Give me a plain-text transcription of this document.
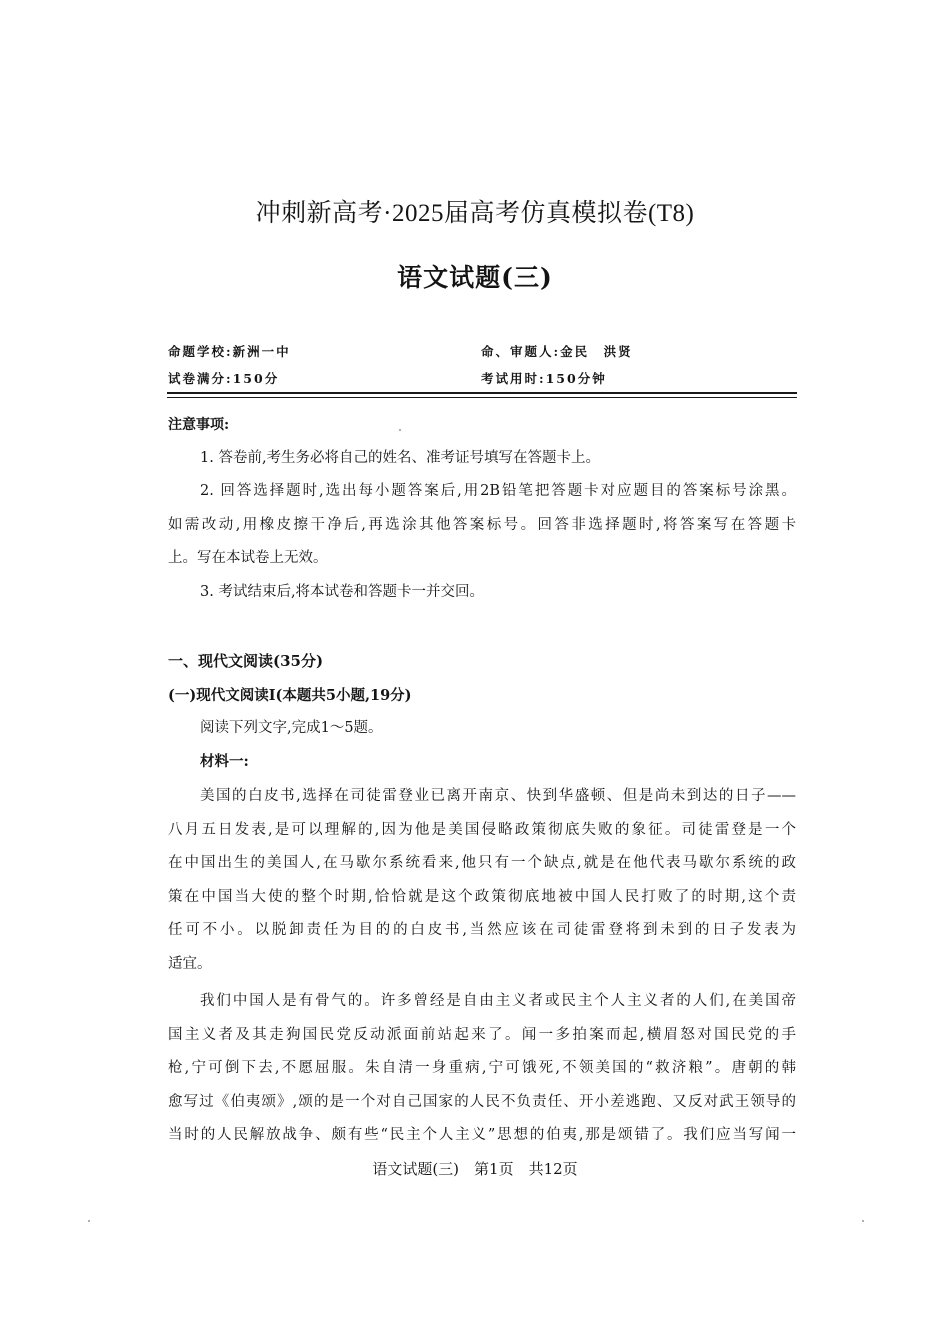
冲刺新高考·2025届高考仿真模拟卷(T8)
语文试题(三)
命题学校:新洲一中	命、审题人:金民　洪贤
试卷满分:150分	考试用时:150分钟
注意事项:
1. 答卷前,考生务必将自己的姓名、准考证号填写在答题卡上。
2. 回答选择题时,选出每小题答案后,用2B铅笔把答题卡对应题目的答案标号涂黑。
如需改动,用橡皮擦干净后,再选涂其他答案标号。回答非选择题时,将答案写在答题卡
上。写在本试卷上无效。
3. 考试结束后,将本试卷和答题卡一并交回。
一、现代文阅读(35分)
(一)现代文阅读Ⅰ(本题共5小题,19分)
阅读下列文字,完成1～5题。
材料一:
美国的白皮书,选择在司徒雷登业已离开南京、快到华盛顿、但是尚未到达的日子——
八月五日发表,是可以理解的,因为他是美国侵略政策彻底失败的象征。司徒雷登是一个
在中国出生的美国人,在马歇尔系统看来,他只有一个缺点,就是在他代表马歇尔系统的政
策在中国当大使的整个时期,恰恰就是这个政策彻底地被中国人民打败了的时期,这个责
任可不小。以脱卸责任为目的的白皮书,当然应该在司徒雷登将到未到的日子发表为
适宜。
我们中国人是有骨气的。许多曾经是自由主义者或民主个人主义者的人们,在美国帝
国主义者及其走狗国民党反动派面前站起来了。闻一多拍案而起,横眉怒对国民党的手
枪,宁可倒下去,不愿屈服。朱自清一身重病,宁可饿死,不领美国的“救济粮”。唐朝的韩
愈写过《伯夷颂》,颂的是一个对自己国家的人民不负责任、开小差逃跑、又反对武王领导的
当时的人民解放战争、颇有些“民主个人主义”思想的伯夷,那是颂错了。我们应当写闻一
语文试题(三)　第1页　共12页
